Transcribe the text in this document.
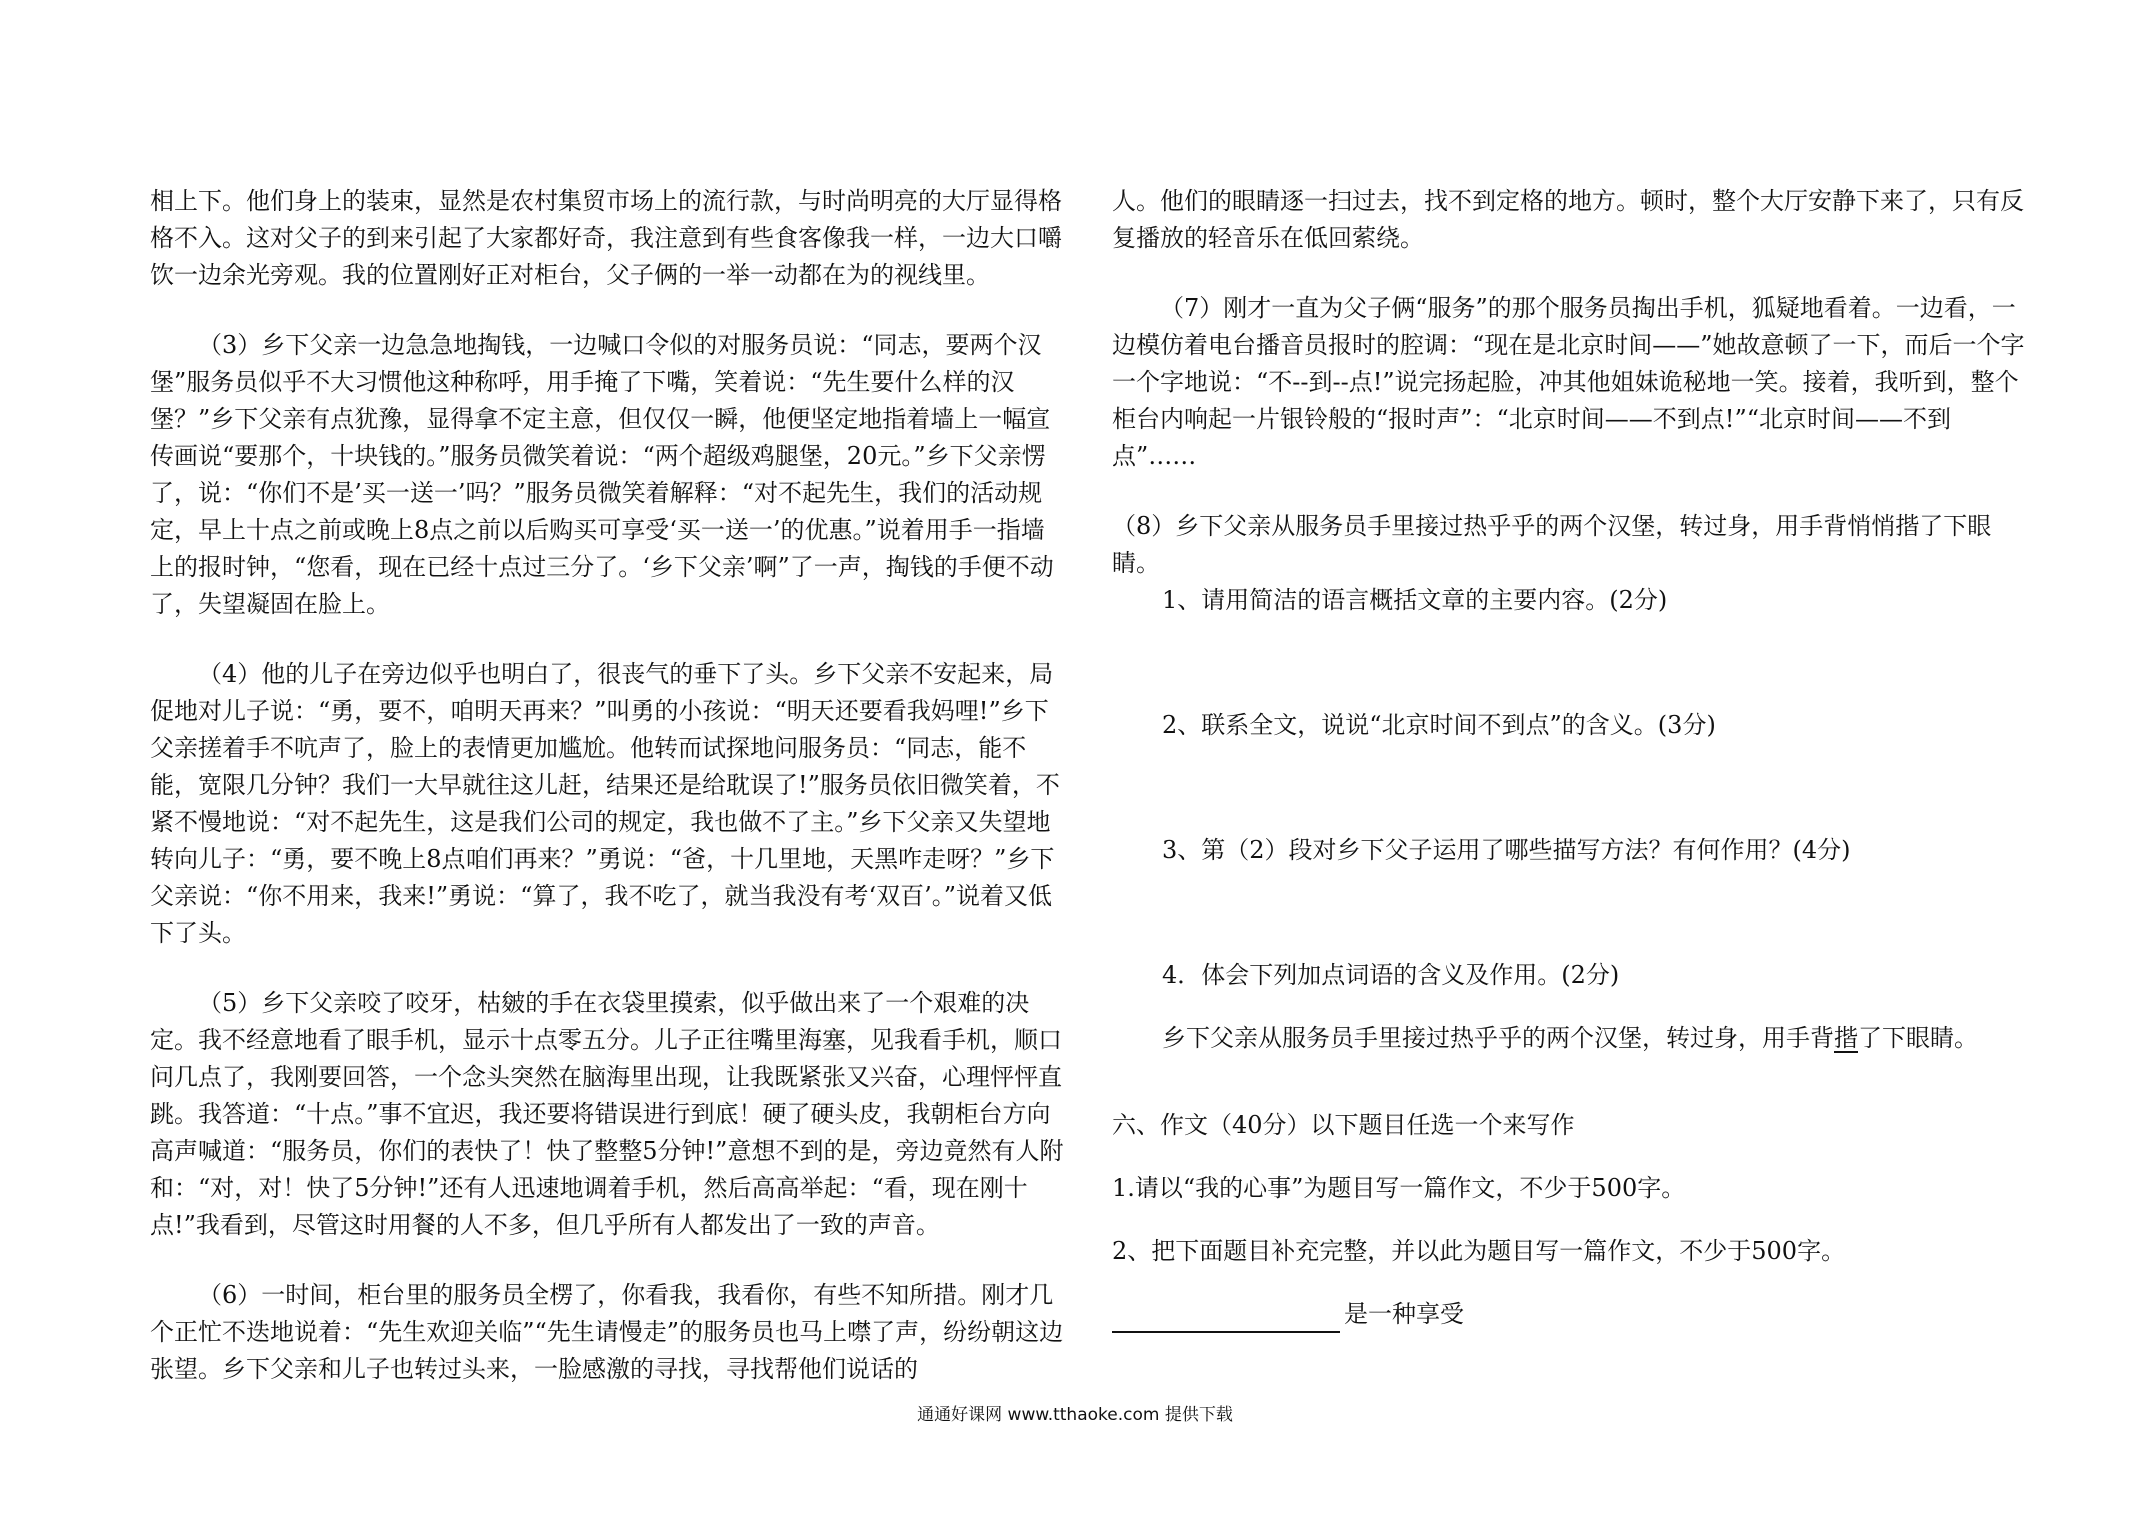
相上下。他们身上的装束，显然是农村集贸市场上的流行款，与时尚明亮的大厅显得格格不入。这对父子的到来引起了大家都好奇，我注意到有些食客像我一样，一边大口嚼饮一边余光旁观。我的位置刚好正对柜台，父子俩的一举一动都在为的视线里。

（3）乡下父亲一边急急地掏钱，一边喊口令似的对服务员说：“同志，要两个汉堡”服务员似乎不大习惯他这种称呼，用手掩了下嘴，笑着说：“先生要什么样的汉堡？”乡下父亲有点犹豫，显得拿不定主意，但仅仅一瞬，他便坚定地指着墙上一幅宣传画说“要那个，十块钱的。”服务员微笑着说：“两个超级鸡腿堡，20元。”乡下父亲愣了，说：“你们不是’买一送一’吗？”服务员微笑着解释：“对不起先生，我们的活动规定，早上十点之前或晚上8点之前以后购买可享受‘买一送一’的优惠。”说着用手一指墙上的报时钟，“您看，现在已经十点过三分了。‘乡下父亲’啊”了一声，掏钱的手便不动了，失望凝固在脸上。

（4）他的儿子在旁边似乎也明白了，很丧气的垂下了头。乡下父亲不安起来，局促地对儿子说：“勇，要不，咱明天再来？”叫勇的小孩说：“明天还要看我妈哩!”乡下父亲搓着手不吭声了，脸上的表情更加尴尬。他转而试探地问服务员：“同志，能不能，宽限几分钟？我们一大早就往这儿赶，结果还是给耽误了!”服务员依旧微笑着，不紧不慢地说：“对不起先生，这是我们公司的规定，我也做不了主。”乡下父亲又失望地转向儿子：“勇，要不晚上8点咱们再来？”勇说：“爸，十几里地，天黑咋走呀？”乡下父亲说：“你不用来，我来!”勇说：“算了，我不吃了，就当我没有考‘双百’。”说着又低下了头。

（5）乡下父亲咬了咬牙，枯皴的手在衣袋里摸索，似乎做出来了一个艰难的决定。我不经意地看了眼手机，显示十点零五分。儿子正往嘴里海塞，见我看手机，顺口问几点了，我刚要回答，一个念头突然在脑海里出现，让我既紧张又兴奋，心理怦怦直跳。我答道：“十点。”事不宜迟，我还要将错误进行到底！硬了硬头皮，我朝柜台方向高声喊道：“服务员，你们的表快了！快了整整5分钟!”意想不到的是，旁边竟然有人附和：“对，对！快了5分钟!”还有人迅速地调着手机，然后高高举起：“看，现在刚十点!”我看到，尽管这时用餐的人不多，但几乎所有人都发出了一致的声音。

（6）一时间，柜台里的服务员全楞了，你看我，我看你，有些不知所措。刚才几个正忙不迭地说着：“先生欢迎关临”“先生请慢走”的服务员也马上噤了声，纷纷朝这边张望。乡下父亲和儿子也转过头来，一脸感激的寻找，寻找帮他们说话的

人。他们的眼睛逐一扫过去，找不到定格的地方。顿时，整个大厅安静下来了，只有反复播放的轻音乐在低回萦绕。

（7）刚才一直为父子俩“服务”的那个服务员掏出手机，狐疑地看着。一边看，一边模仿着电台播音员报时的腔调：“现在是北京时间——”她故意顿了一下，而后一个字一个字地说：“不--到--点!”说完扬起脸，冲其他姐妹诡秘地一笑。接着，我听到，整个柜台内响起一片银铃般的“报时声”：“北京时间——不到点!”“北京时间——不到点”……

（8）乡下父亲从服务员手里接过热乎乎的两个汉堡，转过身，用手背悄悄揩了下眼睛。

1、请用简洁的语言概括文章的主要内容。(2分)

2、联系全文，说说“北京时间不到点”的含义。(3分)

3、第（2）段对乡下父子运用了哪些描写方法？有何作用？(4分)

4．体会下列加点词语的含义及作用。(2分)

乡下父亲从服务员手里接过热乎乎的两个汉堡，转过身，用手背揩了下眼睛。

六、作文（40分）以下题目任选一个来写作

1.请以“我的心事”为题目写一篇作文，不少于500字。

2、把下面题目补充完整，并以此为题目写一篇作文，不少于500字。

是一种享受

通通好课网 www.tthaoke.com 提供下载
